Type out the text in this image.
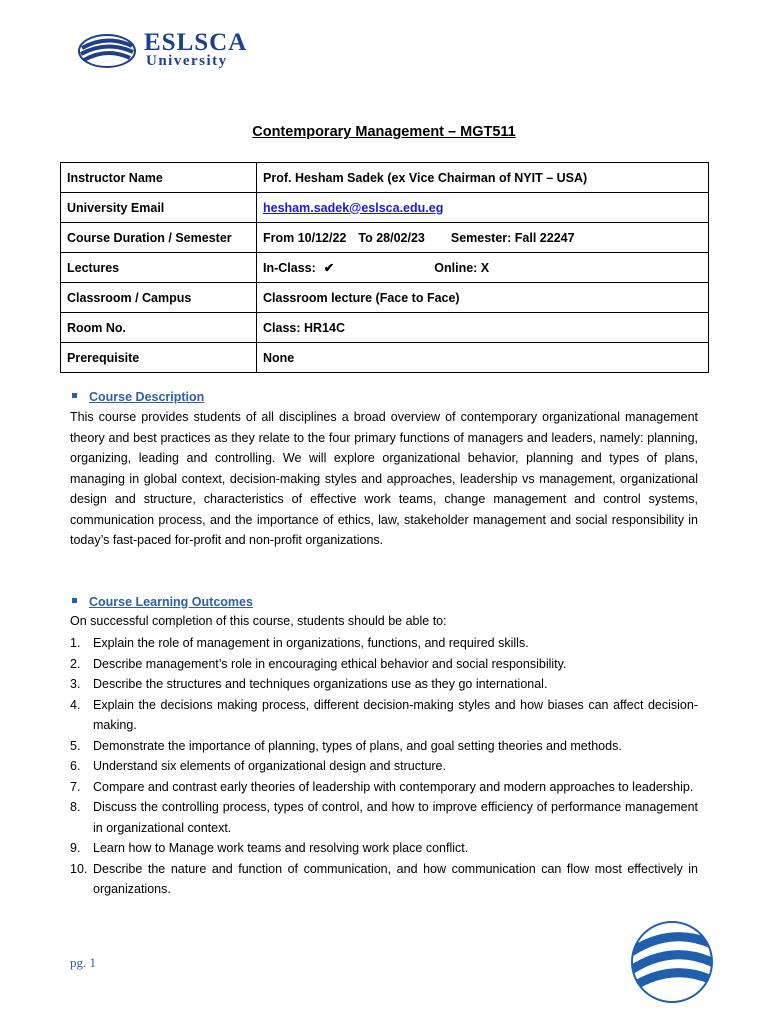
ESLSCA
University
Contemporary Management – MGT511
Instructor Name	Prof. Hesham Sadek (ex Vice Chairman of NYIT – USA)
University Email	hesham.sadek@eslsca.edu.eg
Course Duration / Semester	From 10/12/22 To 28/02/23 Semester: Fall 22247
Lectures	In-Class: ✔ Online: X
Classroom / Campus	Classroom lecture (Face to Face)
Room No.	Class: HR14C
Prerequisite	None
Course Description
This course provides students of all disciplines a broad overview of contemporary organizational management theory and best practices as they relate to the four primary functions of managers and leaders, namely: planning, organizing, leading and controlling. We will explore organizational behavior, planning and types of plans, managing in global context, decision-making styles and approaches, leadership vs management, organizational design and structure, characteristics of effective work teams, change management and control systems, communication process, and the importance of ethics, law, stakeholder management and social responsibility in today’s fast-paced for-profit and non-profit organizations.
Course Learning Outcomes
On successful completion of this course, students should be able to:
1. Explain the role of management in organizations, functions, and required skills.
2. Describe management’s role in encouraging ethical behavior and social responsibility.
3. Describe the structures and techniques organizations use as they go international.
4. Explain the decisions making process, different decision-making styles and how biases can affect decision-making.
5. Demonstrate the importance of planning, types of plans, and goal setting theories and methods.
6. Understand six elements of organizational design and structure.
7. Compare and contrast early theories of leadership with contemporary and modern approaches to leadership.
8. Discuss the controlling process, types of control, and how to improve efficiency of performance management in organizational context.
9. Learn how to Manage work teams and resolving work place conflict.
10. Describe the nature and function of communication, and how communication can flow most effectively in organizations.
pg. 1
